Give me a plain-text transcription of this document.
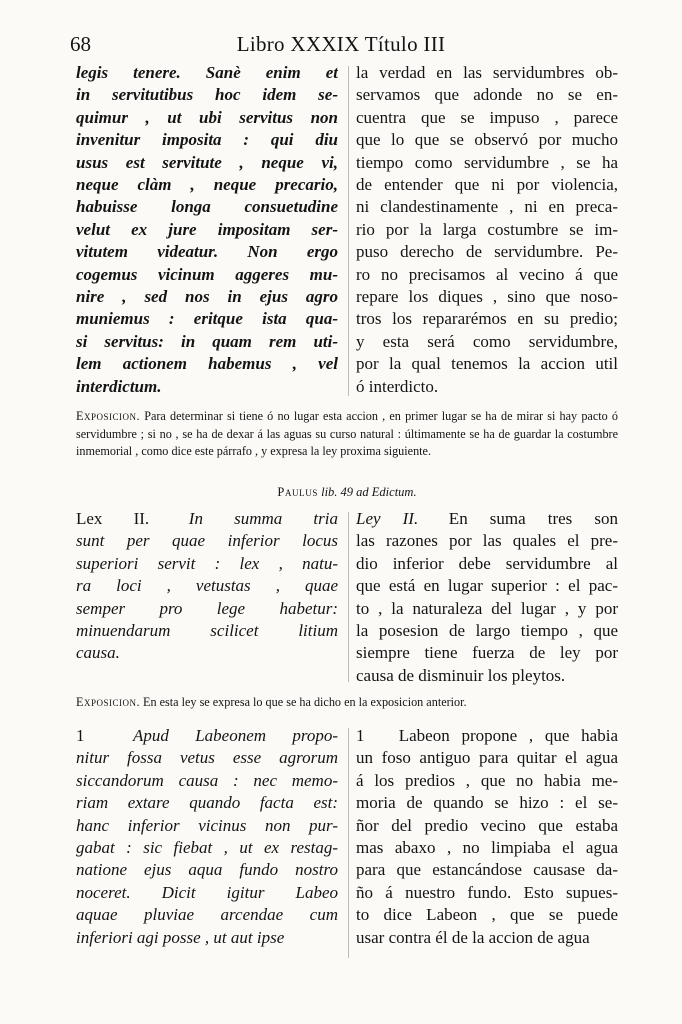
68	Libro XXXIX Título III
legis tenere. Sanè enim et
in servitutibus hoc idem se-
quimur , ut ubi servitus non
invenitur imposita : qui diu
usus est servitute , neque vi,
neque clàm , neque precario,
habuisse longa consuetudine
velut ex jure impositam ser-
vitutem videatur. Non ergo
cogemus vicinum aggeres mu-
nire , sed nos in ejus agro
muniemus : eritque ista qua-
si servitus: in quam rem uti-
lem actionem habemus , vel
interdictum.
la verdad en las servidumbres ob-
servamos que adonde no se en-
cuentra que se impuso , parece
que lo que se observó por mucho
tiempo como servidumbre , se ha
de entender que ni por violencia,
ni clandestinamente , ni en preca-
rio por la larga costumbre se im-
puso derecho de servidumbre. Pe-
ro no precisamos al vecino á que
repare los diques , sino que noso-
tros los repararémos en su predio;
y esta será como servidumbre,
por la qual tenemos la accion util
ó interdicto.
Exposicion. Para determinar si tiene ó no lugar esta accion , en primer lugar se ha de mirar si hay pacto ó servidumbre ; si no , se ha de dexar á las aguas su curso natural : últimamente se ha de guardar la costumbre inmemorial , como dice este párrafo , y expresa la ley proxima siguiente.
Paulus lib. 49 ad Edictum.
Lex II.  In summa tria
sunt per quae inferior locus
superiori servit : lex , natu-
ra loci , vetustas , quae
semper pro lege habetur:
minuendarum scilicet litium
causa.
Ley II.  En suma tres son
las razones por las quales el pre-
dio inferior debe servidumbre al
que está en lugar superior : el pac-
to , la naturaleza del lugar , y por
la posesion de largo tiempo , que
siempre tiene fuerza de ley por
causa de disminuir los pleytos.
Exposicion. En esta ley se expresa lo que se ha dicho en la exposicion anterior.
1  Apud Labeonem propo-
nitur fossa vetus esse agrorum
siccandorum causa : nec memo-
riam extare quando facta est:
hanc inferior vicinus non pur-
gabat : sic fiebat , ut ex restag-
natione ejus aqua fundo nostro
noceret. Dicit igitur Labeo
aquae pluviae arcendae cum
inferiori agi posse , ut aut ipse
1  Labeon propone , que habia
un foso antiguo para quitar el agua
á los predios , que no habia me-
moria de quando se hizo : el se-
ñor del predio vecino que estaba
mas abaxo , no limpiaba el agua
para que estancándose causase da-
ño á nuestro fundo. Esto supues-
to dice Labeon , que se puede
usar contra él de la accion de agua
